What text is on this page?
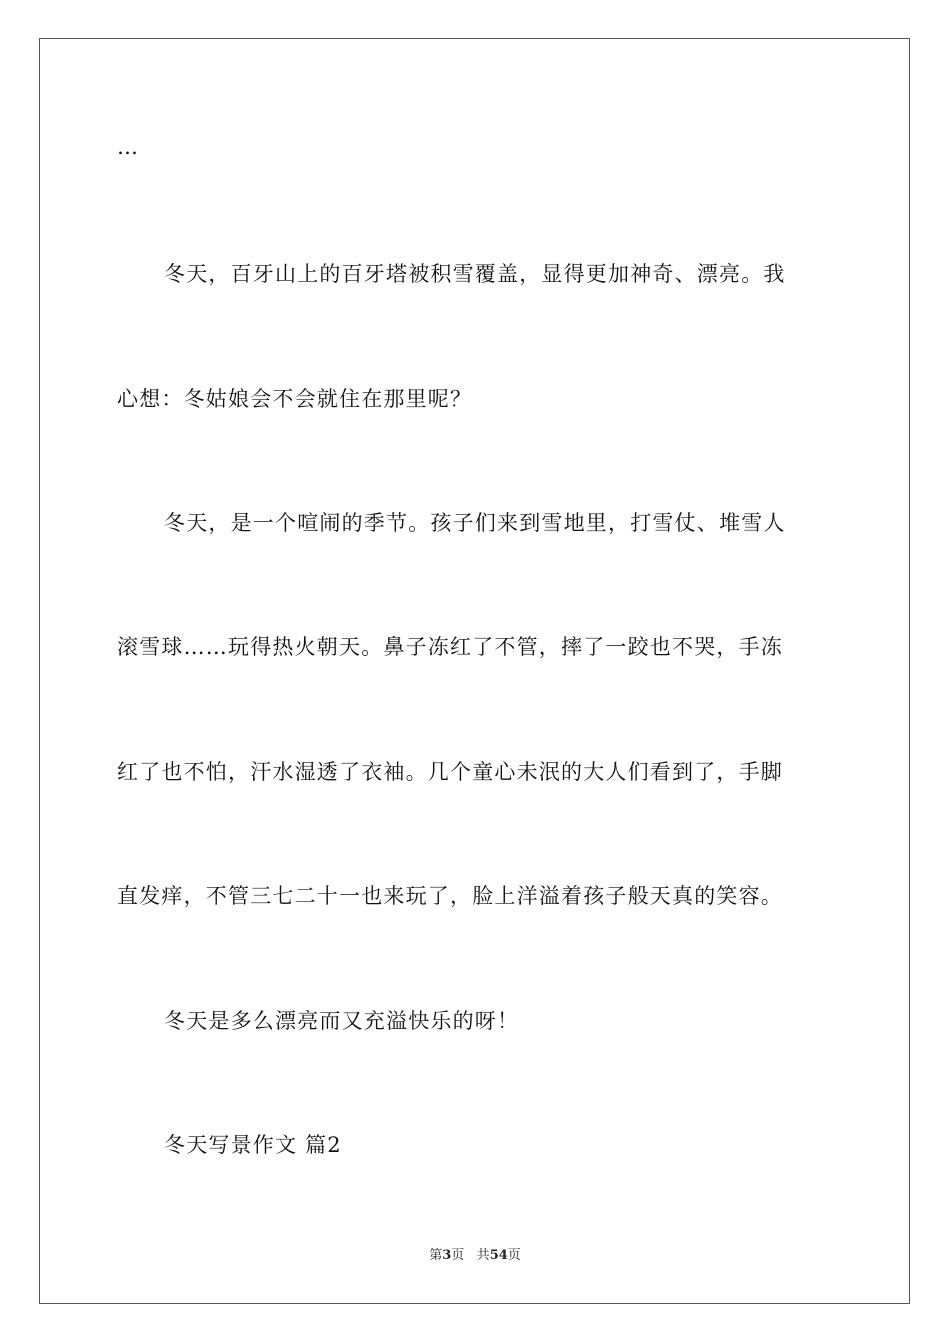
…
冬天，百牙山上的百牙塔被积雪覆盖，显得更加神奇、漂亮。我
心想：冬姑娘会不会就住在那里呢？
冬天，是一个喧闹的季节。孩子们来到雪地里，打雪仗、堆雪人
滚雪球……玩得热火朝天。鼻子冻红了不管，摔了一跤也不哭，手冻
红了也不怕，汗水湿透了衣袖。几个童心未泯的大人们看到了，手脚
直发痒，不管三七二十一也来玩了，脸上洋溢着孩子般天真的笑容。
冬天是多么漂亮而又充溢快乐的呀！
冬天写景作文 篇2
第3页 共54页
